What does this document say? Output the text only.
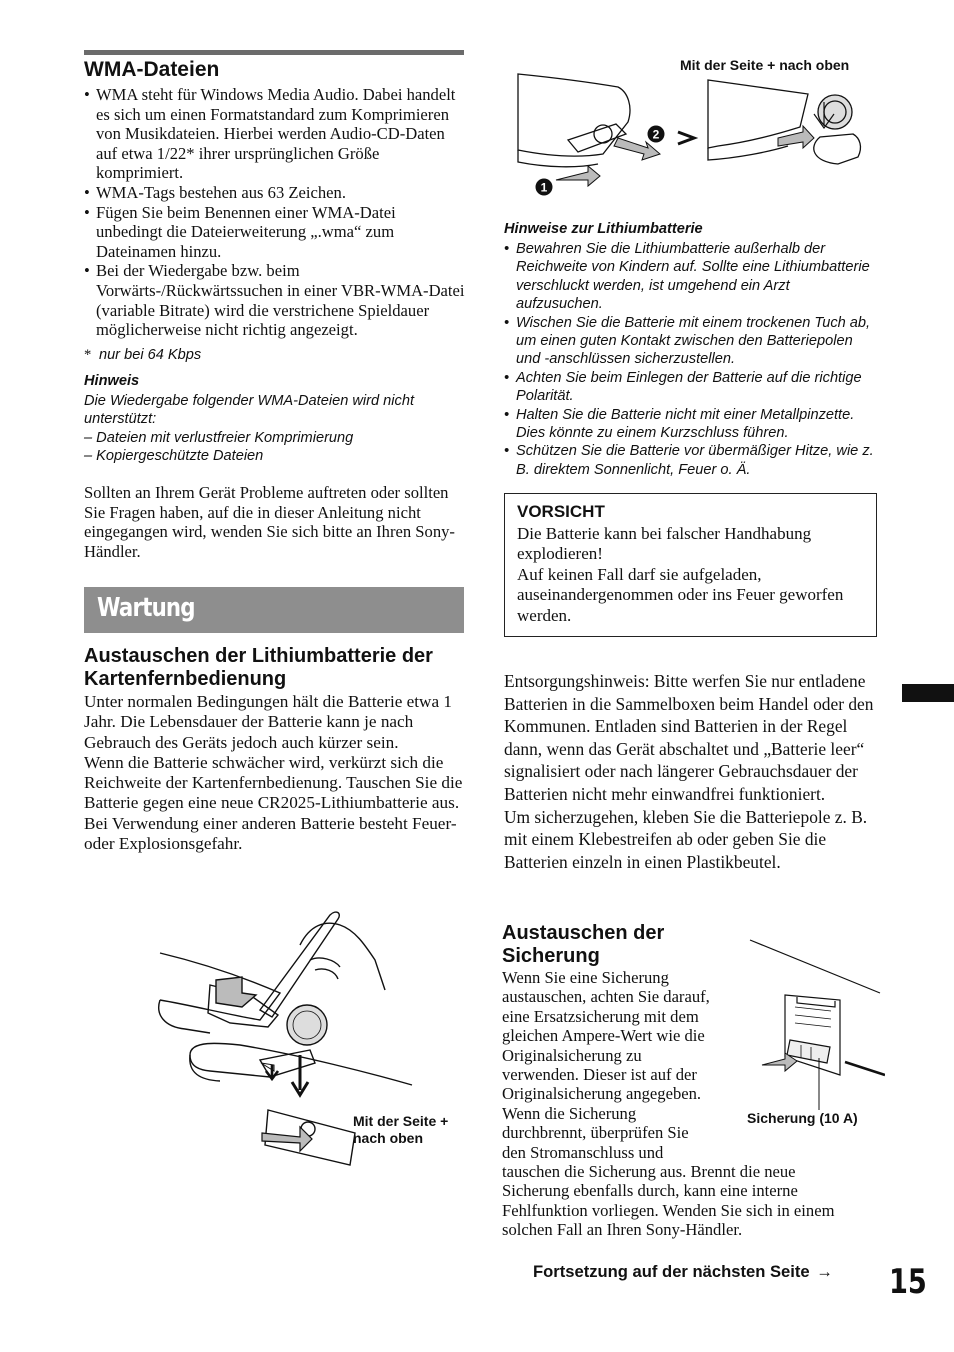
WMA-Dateien
• WMA steht für Windows Media Audio. Dabei handelt es sich um einen Formatstandard zum Komprimieren von Musikdateien. Hierbei werden Audio-CD-Daten auf etwa 1/22* ihrer ursprünglichen Größe komprimiert.
• WMA-Tags bestehen aus 63 Zeichen.
• Fügen Sie beim Benennen einer WMA-Datei unbedingt die Dateierweiterung „.wma“ zum Dateinamen hinzu.
• Bei der Wiedergabe bzw. beim Vorwärts-/Rückwärtssuchen in einer VBR-WMA-Datei (variable Bitrate) wird die verstrichene Spieldauer möglicherweise nicht richtig angezeigt.
* nur bei 64 Kbps
Hinweis
Die Wiedergabe folgender WMA-Dateien wird nicht unterstützt:
– Dateien mit verlustfreier Komprimierung
– Kopiergeschützte Dateien
Sollten an Ihrem Gerät Probleme auftreten oder sollten Sie Fragen haben, auf die in dieser Anleitung nicht eingegangen wird, wenden Sie sich bitte an Ihren Sony-Händler.
Wartung
Austauschen der Lithiumbatterie der Kartenfernbedienung
Unter normalen Bedingungen hält die Batterie etwa 1 Jahr. Die Lebensdauer der Batterie kann je nach Gebrauch des Geräts jedoch auch kürzer sein.
Wenn die Batterie schwächer wird, verkürzt sich die Reichweite der Kartenfernbedienung. Tauschen Sie die Batterie gegen eine neue CR2025-Lithiumbatterie aus. Bei Verwendung einer anderen Batterie besteht Feuer- oder Explosionsgefahr.
Mit der Seite +
nach oben
Mit der Seite + nach oben
1
2
Hinweise zur Lithiumbatterie
• Bewahren Sie die Lithiumbatterie außerhalb der Reichweite von Kindern auf. Sollte eine Lithiumbatterie verschluckt werden, ist umgehend ein Arzt aufzusuchen.
• Wischen Sie die Batterie mit einem trockenen Tuch ab, um einen guten Kontakt zwischen den Batteriepolen und -anschlüssen sicherzustellen.
• Achten Sie beim Einlegen der Batterie auf die richtige Polarität.
• Halten Sie die Batterie nicht mit einer Metallpinzette. Dies könnte zu einem Kurzschluss führen.
• Schützen Sie die Batterie vor übermäßiger Hitze, wie z. B. direktem Sonnenlicht, Feuer o. Ä.
VORSICHT
Die Batterie kann bei falscher Handhabung explodieren!
Auf keinen Fall darf sie aufgeladen, auseinandergenommen oder ins Feuer geworfen werden.
Entsorgungshinweis: Bitte werfen Sie nur entladene Batterien in die Sammelboxen beim Handel oder den Kommunen. Entladen sind Batterien in der Regel dann, wenn das Gerät abschaltet und „Batterie leer“ signalisiert oder nach längerer Gebrauchsdauer der Batterien nicht mehr einwandfrei funktioniert.
Um sicherzugehen, kleben Sie die Batteriepole z. B. mit einem Klebestreifen ab oder geben Sie die Batterien einzeln in einen Plastikbeutel.
Austauschen der Sicherung
Wenn Sie eine Sicherung
austauschen, achten Sie darauf,
eine Ersatzsicherung mit dem
gleichen Ampere-Wert wie die
Originalsicherung zu
verwenden. Dieser ist auf der
Originalsicherung angegeben.
Wenn die Sicherung
durchbrennt, überprüfen Sie
den Stromanschluss und
tauschen die Sicherung aus. Brennt die neue
Sicherung ebenfalls durch, kann eine interne
Fehlfunktion vorliegen. Wenden Sie sich in einem
solchen Fall an Ihren Sony-Händler.
Sicherung (10 A)
Fortsetzung auf der nächsten Seite → 15
